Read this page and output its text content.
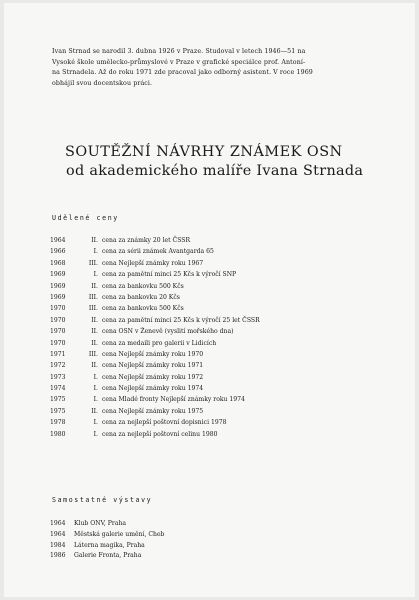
Ivan Strnad se narodil 3. dubna 1926 v Praze. Studoval v letech 1946—51 na
Vysoké škole umělecko-průmyslové v Praze v grafické speciálce prof. Antoní-
na Strnadela. Až do roku 1971 zde pracoval jako odborný asistent. V roce 1969
obhájil svou docentskou práci.
SOUTĚŽNÍ NÁVRHY ZNÁMEK OSN
od akademického malíře Ivana Strnada
Udělené ceny
1964	II. cena za známky 20 let ČSSR
1966	I. cena za sérii známek Avantgarda 65
1968	III. cena Nejlepší známky roku 1967
1969	I. cena za pamětní minci 25 Kčs k výročí SNP
1969	II. cena za bankovku 500 Kčs
1969	III. cena za bankovku 20 Kčs
1970	III. cena za bankovku 500 Kčs
1970	II. cena za pamětní minci 25 Kčs k výročí 25 let ČSSR
1970	II. cena OSN v Ženevě (vyslití mořského dna)
1970	II. cena za medaili pro galerii v Lidicích
1971	III. cena Nejlepší známky roku 1970
1972	II. cena Nejlepší známky roku 1971
1973	I. cena Nejlepší známky roku 1972
1974	I. cena Nejlepší známky roku 1974
1975	I. cena Mladé fronty Nejlepší známky roku 1974
1975	II. cena Nejlepší známky roku 1975
1978	I. cena za nejlepší poštovní dopisnici 1978
1980	I. cena za nejlepší poštovní celinu 1980
Samostatné výstavy
1964 Klub ONV, Praha
1964 Městská galerie umění, Cheb
1984 Láterna magika, Praha
1986 Galerie Fronta, Praha
